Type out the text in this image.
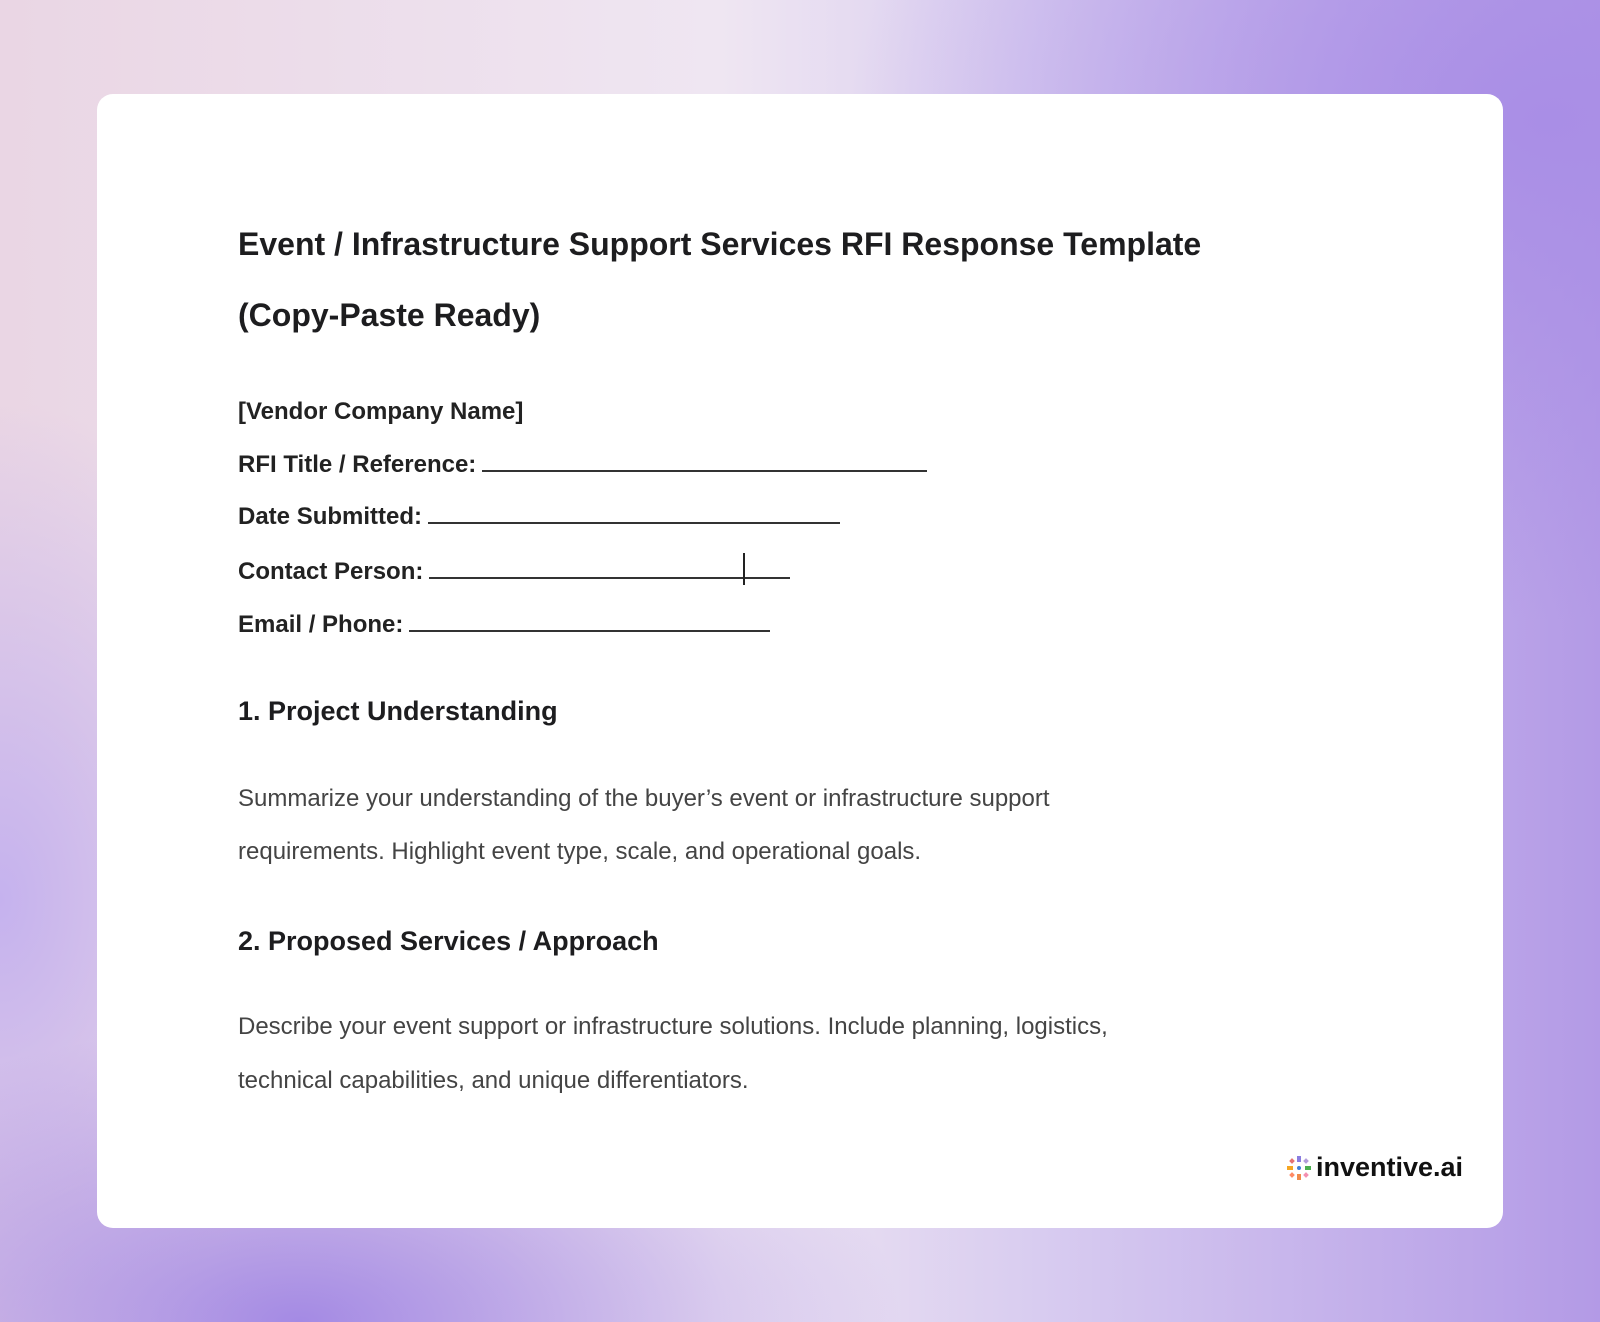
Event / Infrastructure Support Services RFI Response Template
(Copy-Paste Ready)
[Vendor Company Name]
RFI Title / Reference:
Date Submitted:
Contact Person:
Email / Phone:
1. Project Understanding
Summarize your understanding of the buyer’s event or infrastructure support
requirements. Highlight event type, scale, and operational goals.
2. Proposed Services / Approach
Describe your event support or infrastructure solutions. Include planning, logistics,
technical capabilities, and unique differentiators.
inventive.ai
